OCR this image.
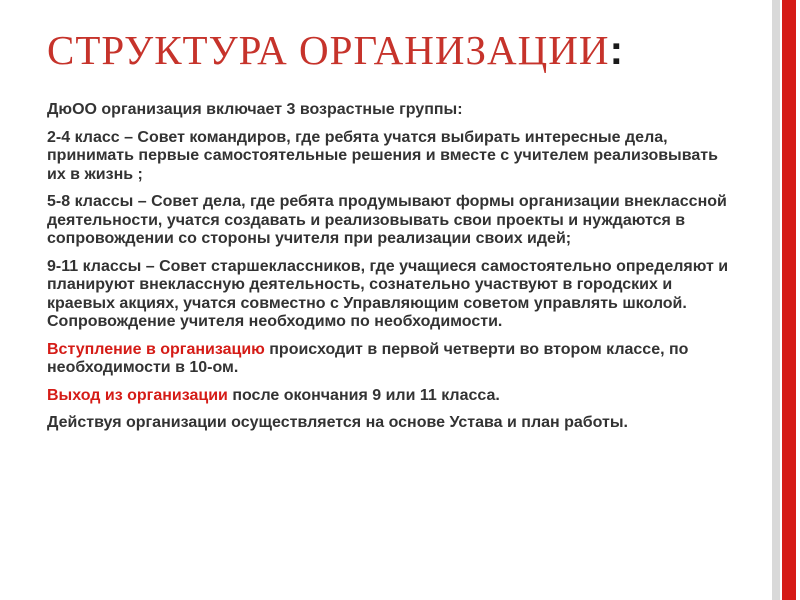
СТРУКТУРА ОРГАНИЗАЦИИ:

ДюОО организация включает 3 возрастные группы:

2-4 класс – Совет командиров, где ребята учатся выбирать интересные дела, принимать первые самостоятельные решения и вместе с учителем реализовывать их в жизнь ;

5-8 классы – Совет дела, где ребята продумывают формы организации внеклассной деятельности, учатся создавать и реализовывать свои проекты и нуждаются в сопровождении со стороны учителя при реализации своих идей;

9-11 классы – Совет старшеклассников, где учащиеся самостоятельно определяют и планируют внеклассную деятельность, сознательно участвуют в городских и краевых акциях, учатся совместно с Управляющим советом управлять школой. Сопровождение учителя необходимо по необходимости.

Вступление в организацию происходит в первой четверти во втором классе, по необходимости в 10-ом.

Выход из организации после окончания 9 или 11 класса.

Действуя организации осуществляется на основе Устава и план работы.
